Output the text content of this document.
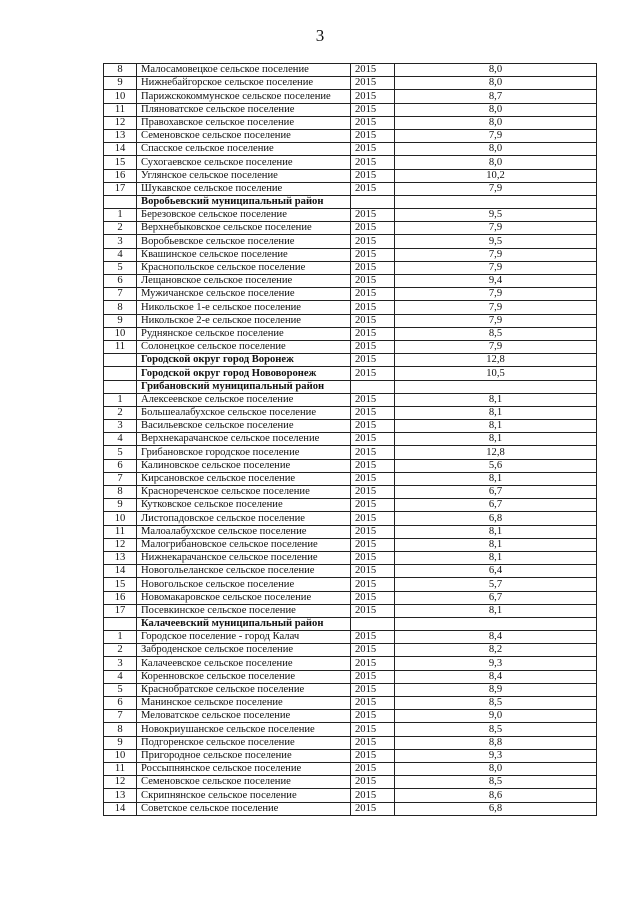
3
8	Малосамовецкое сельское поселение	2015	8,0
9	Нижнебайгорское сельское поселение	2015	8,0
10	Парижскокоммунское сельское поселение	2015	8,7
11	Пляноватское сельское поселение	2015	8,0
12	Правохавское сельское поселение	2015	8,0
13	Семеновское сельское поселение	2015	7,9
14	Спасское сельское поселение	2015	8,0
15	Сухогаевское сельское поселение	2015	8,0
16	Углянское сельское поселение	2015	10,2
17	Шукавское сельское поселение	2015	7,9
	Воробьевский муниципальный район		
1	Березовское сельское поселение	2015	9,5
2	Верхнебыковское сельское поселение	2015	7,9
3	Воробьевское сельское поселение	2015	9,5
4	Квашинское сельское поселение	2015	7,9
5	Краснопольское сельское поселение	2015	7,9
6	Лещановское сельское поселение	2015	9,4
7	Мужичанское сельское поселение	2015	7,9
8	Никольское 1-е сельское поселение	2015	7,9
9	Никольское 2-е сельское поселение	2015	7,9
10	Руднянское сельское поселение	2015	8,5
11	Солонецкое сельское поселение	2015	7,9
	Городской округ город Воронеж	2015	12,8
	Городской округ город Нововоронеж	2015	10,5
	Грибановский муниципальный район		
1	Алексеевское сельское поселение	2015	8,1
2	Большеалабухское сельское поселение	2015	8,1
3	Васильевское сельское поселение	2015	8,1
4	Верхнекарачанское сельское поселение	2015	8,1
5	Грибановское городское поселение	2015	12,8
6	Калиновское сельское поселение	2015	5,6
7	Кирсановское сельское поселение	2015	8,1
8	Краснореченское сельское поселение	2015	6,7
9	Кутковское сельское поселение	2015	6,7
10	Листопадовское сельское поселение	2015	6,8
11	Малоалабухское сельское поселение	2015	8,1
12	Малогрибановское сельское поселение	2015	8,1
13	Нижнекарачанское сельское поселение	2015	8,1
14	Новогольеланское сельское поселение	2015	6,4
15	Новогольское сельское поселение	2015	5,7
16	Новомакаровское сельское поселение	2015	6,7
17	Посевкинское сельское поселение	2015	8,1
	Калачеевский муниципальный район		
1	Городское поселение - город Калач	2015	8,4
2	Заброденское сельское поселение	2015	8,2
3	Калачеевское сельское поселение	2015	9,3
4	Коренновское сельское поселение	2015	8,4
5	Краснобратское сельское поселение	2015	8,9
6	Манинское сельское поселение	2015	8,5
7	Меловатское сельское поселение	2015	9,0
8	Новокриушанское сельское поселение	2015	8,5
9	Подгоренское сельское поселение	2015	8,8
10	Пригородное сельское поселение	2015	9,3
11	Россыпнянское сельское поселение	2015	8,0
12	Семеновское сельское поселение	2015	8,5
13	Скрипнянское сельское поселение	2015	8,6
14	Советское сельское поселение	2015	6,8
